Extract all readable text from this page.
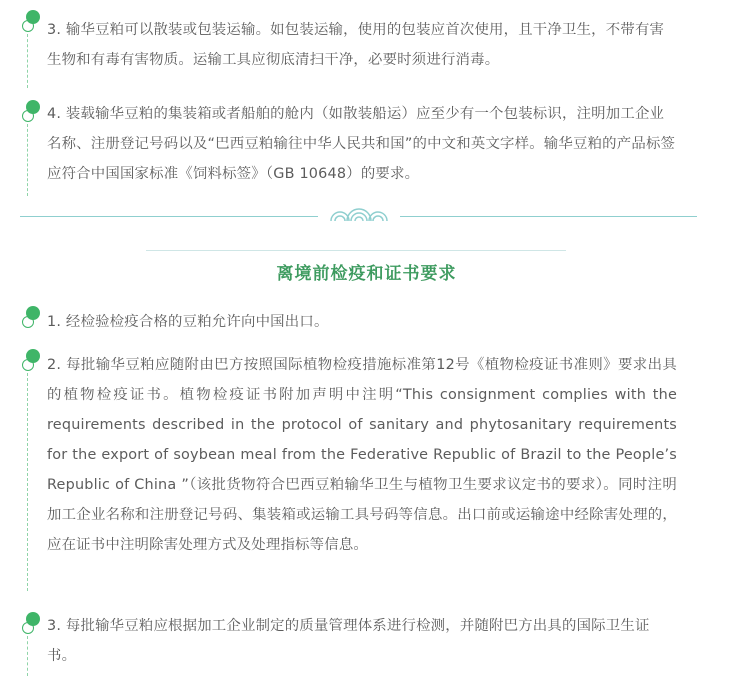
3. 输华豆粕可以散装或包装运输。如包装运输，使用的包装应首次使用，且干净卫生，不带有害生物和有毒有害物质。运输工具应彻底清扫干净，必要时须进行消毒。
4. 装载输华豆粕的集装箱或者船舶的舱内（如散装船运）应至少有一个包装标识，注明加工企业名称、注册登记号码以及“巴西豆粕输往中华人民共和国”的中文和英文字样。输华豆粕的产品标签应符合中国国家标准《饲料标签》（GB 10648）的要求。
离境前检疫和证书要求
1. 经检验检疫合格的豆粕允许向中国出口。
2. 每批输华豆粕应随附由巴方按照国际植物检疫措施标准第12号《植物检疫证书准则》要求出具的植物检疫证书。植物检疫证书附加声明中注明“This consignment complies with the requirements described in the protocol of sanitary and phytosanitary requirements for the export of soybean meal from the Federative Republic of Brazil to the People’s Republic of China ”（该批货物符合巴西豆粕输华卫生与植物卫生要求议定书的要求）。同时注明加工企业名称和注册登记号码、集装箱或运输工具号码等信息。出口前或运输途中经除害处理的，应在证书中注明除害处理方式及处理指标等信息。
3. 每批输华豆粕应根据加工企业制定的质量管理体系进行检测，并随附巴方出具的国际卫生证书。
